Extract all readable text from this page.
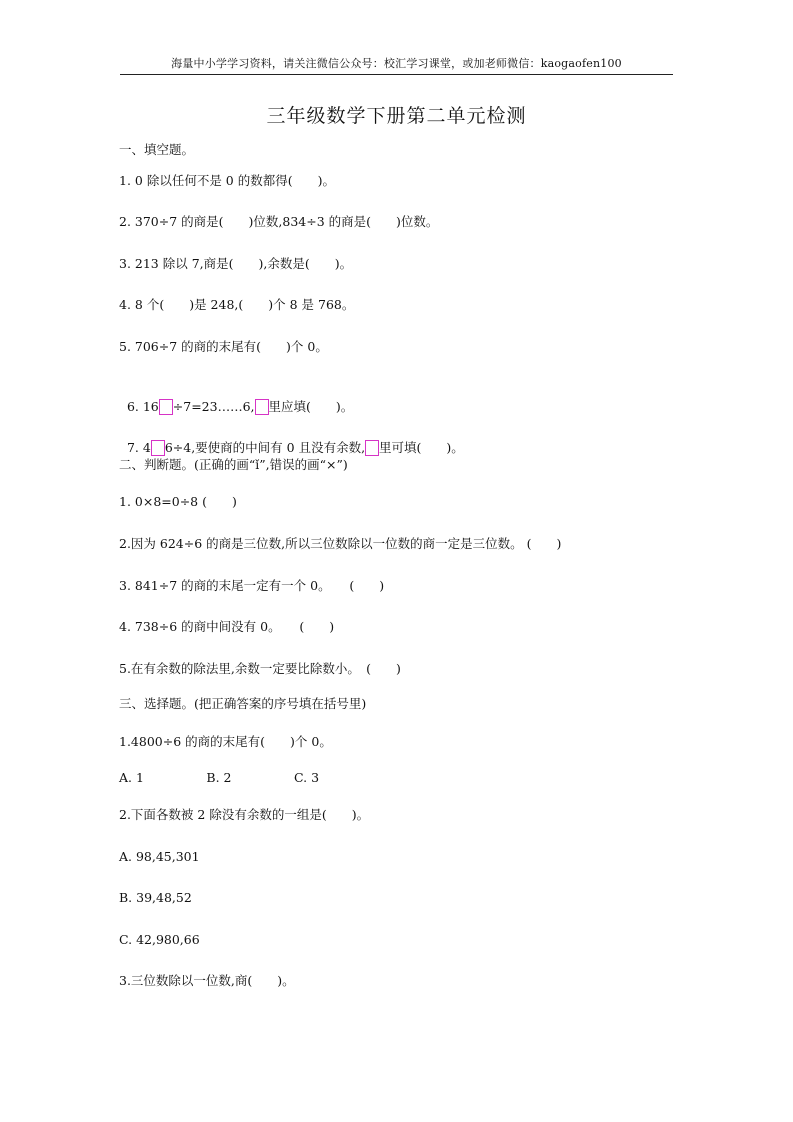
海量中小学学习资料，请关注微信公众号：校汇学习课堂，或加老师微信：kaogaofen100
三年级数学下册第二单元检测
一、填空题。
1. 0 除以任何不是 0 的数都得(　　)。
2. 370÷7 的商是(　　)位数,834÷3 的商是(　　)位数。
3. 213 除以 7,商是(　　),余数是(　　)。
4. 8 个(　　)是 248,(　　)个 8 是 768。
5. 706÷7 的商的末尾有(　　)个 0。

6. 16 ÷7=23……6, 里应填(　　)。

7. 4 6÷4,要使商的中间有 0 且没有余数, 里可填(　　)。

二、判断题。(正确的画“ǐ”,错误的画“×”)
1. 0×8=0÷8 (　　)
2.因为 624÷6 的商是三位数,所以三位数除以一位数的商一定是三位数。 (　　)
3. 841÷7 的商的末尾一定有一个 0。　　(　　)
4. 738÷6 的商中间没有 0。　　(　　)
5.在有余数的除法里,余数一定要比除数小。　(　　)
三、选择题。(把正确答案的序号填在括号里)
1.4800÷6 的商的末尾有(　　)个 0。
A. 1　　　　　B. 2　　　　　C. 3
2.下面各数被 2 除没有余数的一组是(　　)。
A. 98,45,301
B. 39,48,52
C. 42,980,66
3.三位数除以一位数,商(　　)。
